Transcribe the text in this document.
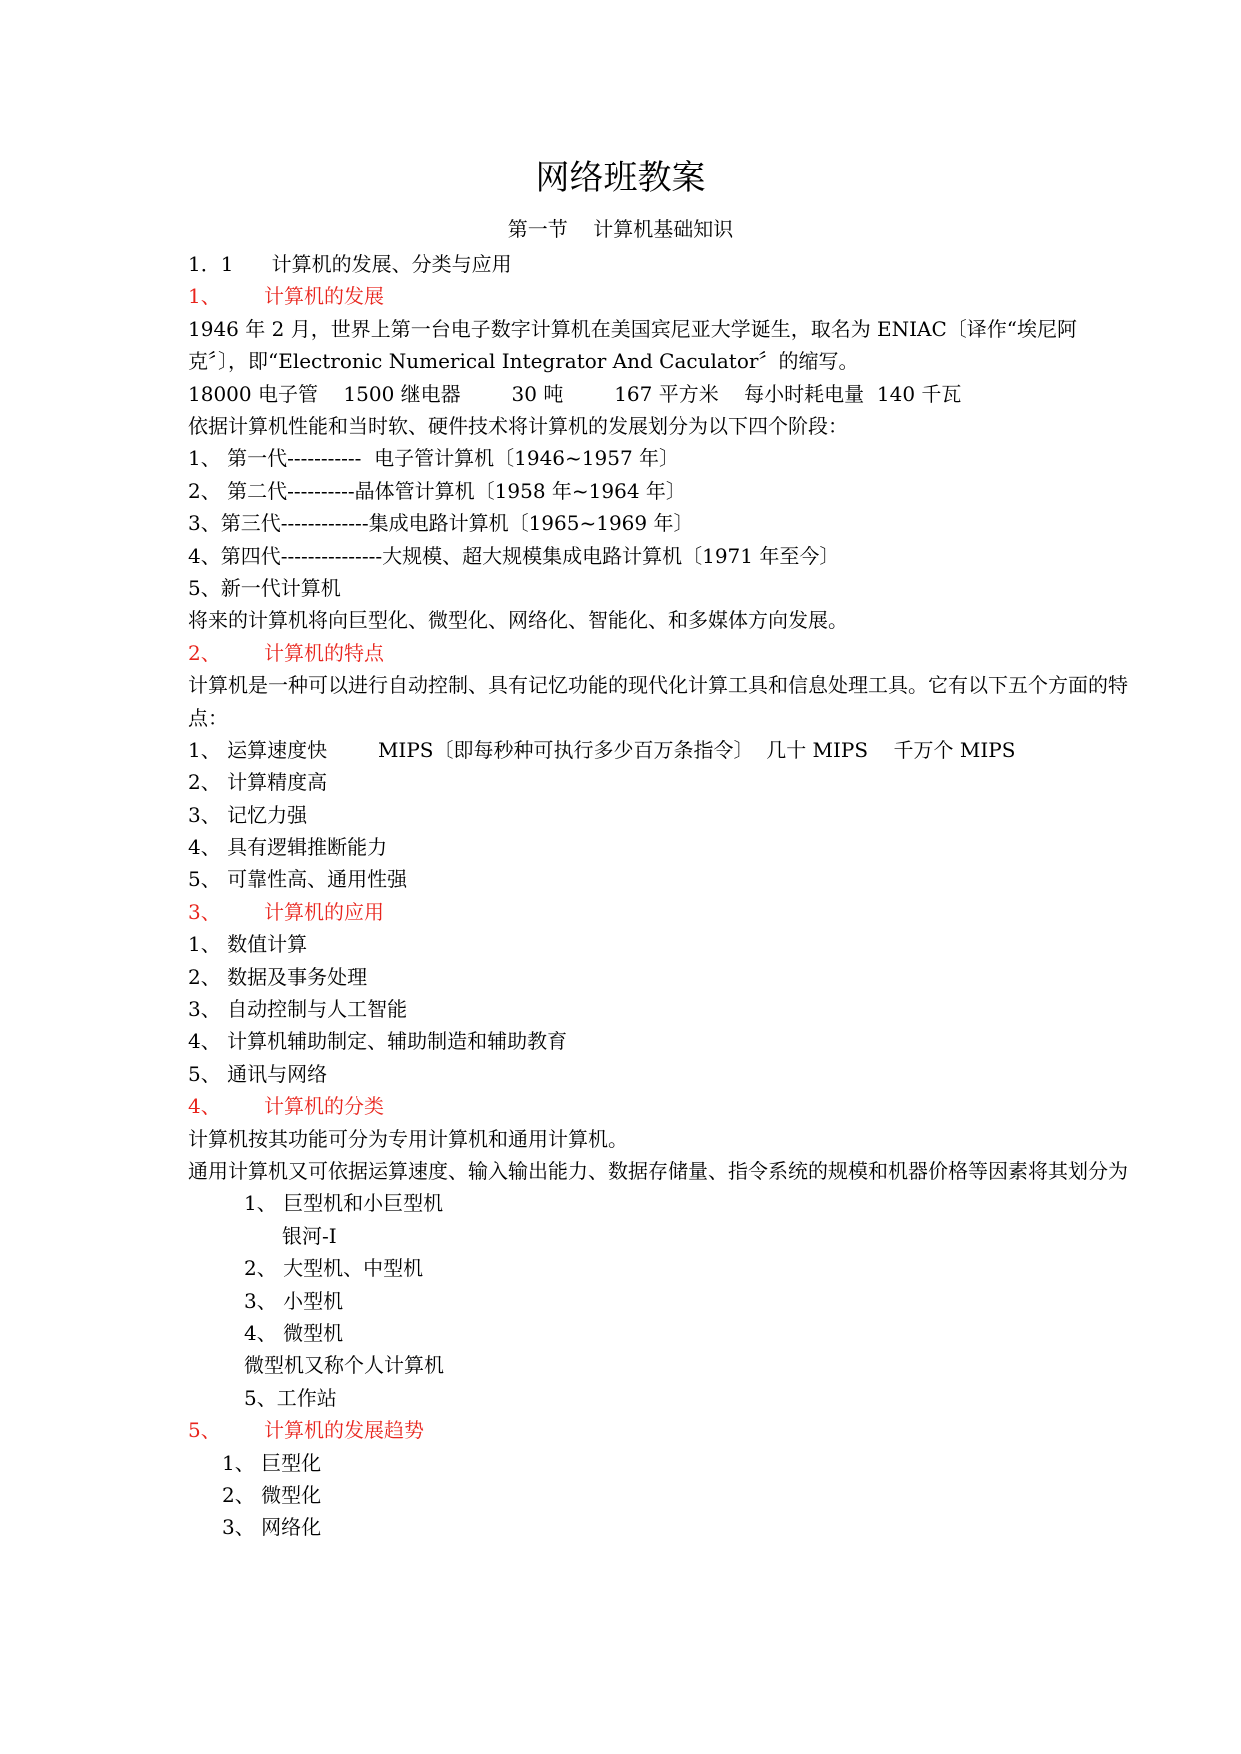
网络班教案
第一节    计算机基础知识
1．1      计算机的发展、分类与应用
1、 计算机的发展
1946 年 2 月，世界上第一台电子数字计算机在美国宾尼亚大学诞生，取名为 ENIAC〔译作“埃尼阿克〞〕，即“Electronic Numerical Integrator And Caculator〞的缩写。
18000 电子管    1500 继电器        30 吨        167 平方米    每小时耗电量  140 千瓦
依据计算机性能和当时软、硬件技术将计算机的发展划分为以下四个阶段：
1、 第一代-----------  电子管计算机〔1946~1957 年〕
2、 第二代----------晶体管计算机〔1958 年~1964 年〕
3、第三代-------------集成电路计算机〔1965~1969 年〕
4、第四代---------------大规模、超大规模集成电路计算机〔1971 年至今〕
5、新一代计算机
将来的计算机将向巨型化、微型化、网络化、智能化、和多媒体方向发展。
2、 计算机的特点
计算机是一种可以进行自动控制、具有记忆功能的现代化计算工具和信息处理工具。它有以下五个方面的特点：
1、 运算速度快        MIPS〔即每秒种可执行多少百万条指令〕  几十 MIPS    千万个 MIPS
2、 计算精度高
3、 记忆力强
4、 具有逻辑推断能力
5、 可靠性高、通用性强
3、 计算机的应用
1、 数值计算
2、 数据及事务处理
3、 自动控制与人工智能
4、 计算机辅助制定、辅助制造和辅助教育
5、 通讯与网络
4、 计算机的分类
计算机按其功能可分为专用计算机和通用计算机。
通用计算机又可依据运算速度、输入输出能力、数据存储量、指令系统的规模和机器价格等因素将其划分为
1、 巨型机和小巨型机
银河-I
2、 大型机、中型机
3、 小型机
4、 微型机
微型机又称个人计算机
5、工作站
5、 计算机的发展趋势
1、 巨型化
2、 微型化
3、 网络化
